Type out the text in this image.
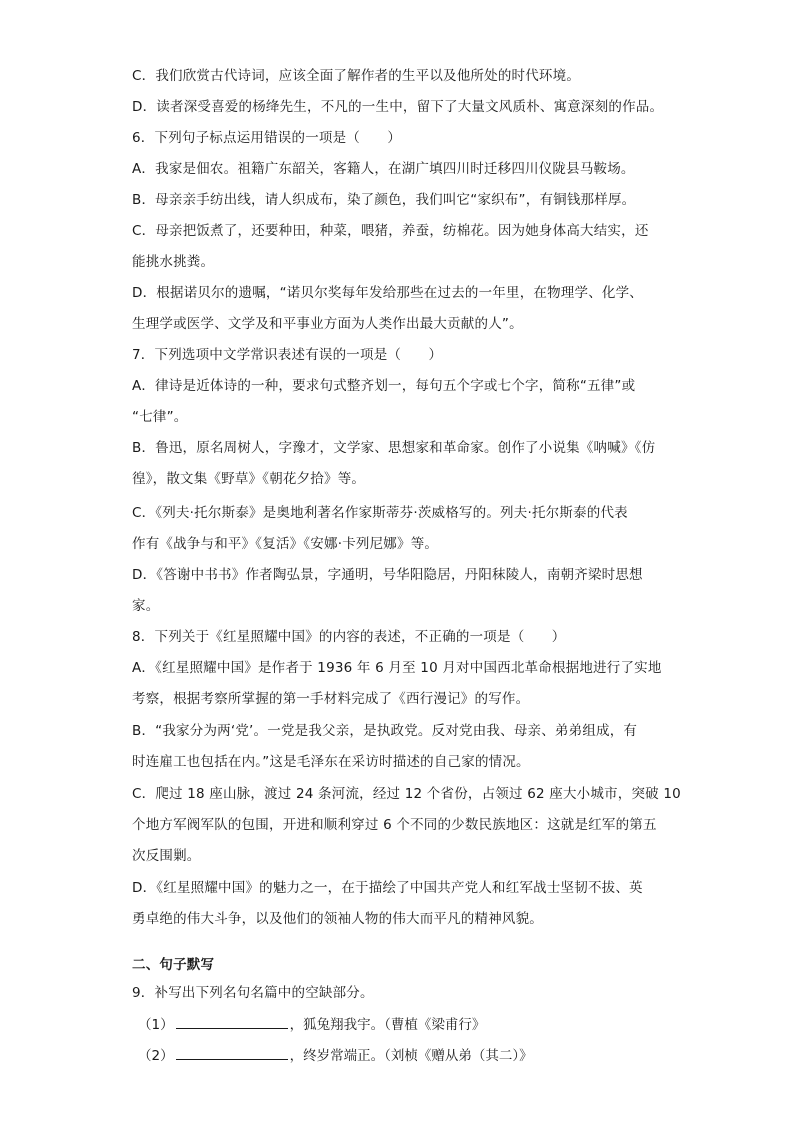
C．我们欣赏古代诗词，应该全面了解作者的生平以及他所处的时代环境。
D．读者深受喜爱的杨绛先生，不凡的一生中，留下了大量文风质朴、寓意深刻的作品。
6．下列句子标点运用错误的一项是（　　）
A．我家是佃农。祖籍广东韶关，客籍人，在湖广填四川时迁移四川仪陇县马鞍场。
B．母亲亲手纺出线，请人织成布，染了颜色，我们叫它“家织布”，有铜钱那样厚。
C．母亲把饭煮了，还要种田，种菜，喂猪，养蚕，纺棉花。因为她身体高大结实，还
能挑水挑粪。
D．根据诺贝尔的遗嘱，“诺贝尔奖每年发给那些在过去的一年里，在物理学、化学、
生理学或医学、文学及和平事业方面为人类作出最大贡献的人”。
7．下列选项中文学常识表述有误的一项是（　　）
A．律诗是近体诗的一种，要求句式整齐划一，每句五个字或七个字，简称“五律”或
“七律”。
B．鲁迅，原名周树人，字豫才，文学家、思想家和革命家。创作了小说集《呐喊》《仿
徨》，散文集《野草》《朝花夕拾》等。
C．《列夫·托尔斯泰》是奥地利著名作家斯蒂芬·茨威格写的。列夫·托尔斯泰的代表
作有《战争与和平》《复活》《安娜·卡列尼娜》等。
D．《答谢中书书》作者陶弘景，字通明，号华阳隐居，丹阳秣陵人，南朝齐梁时思想
家。
8．下列关于《红星照耀中国》的内容的表述，不正确的一项是（　　）
A．《红星照耀中国》是作者于 1936 年 6 月至 10 月对中国西北革命根据地进行了实地
考察，根据考察所掌握的第一手材料完成了《西行漫记》的写作。
B．“我家分为两‘党’。一党是我父亲，是执政党。反对党由我、母亲、弟弟组成，有
时连雇工也包括在内。”这是毛泽东在采访时描述的自己家的情况。
C．爬过 18 座山脉，渡过 24 条河流，经过 12 个省份，占领过 62 座大小城市，突破 10
个地方军阀军队的包围，开进和顺利穿过 6 个不同的少数民族地区：这就是红军的第五
次反围剿。
D．《红星照耀中国》的魅力之一，在于描绘了中国共产党人和红军战士坚韧不拔、英
勇卓绝的伟大斗争，以及他们的领袖人物的伟大而平凡的精神风貌。
二、句子默写
9．补写出下列名句名篇中的空缺部分。
（1）	，狐兔翔我宇。（曹植《梁甫行》
（2）	，终岁常端正。（刘桢《赠从弟（其二）》
